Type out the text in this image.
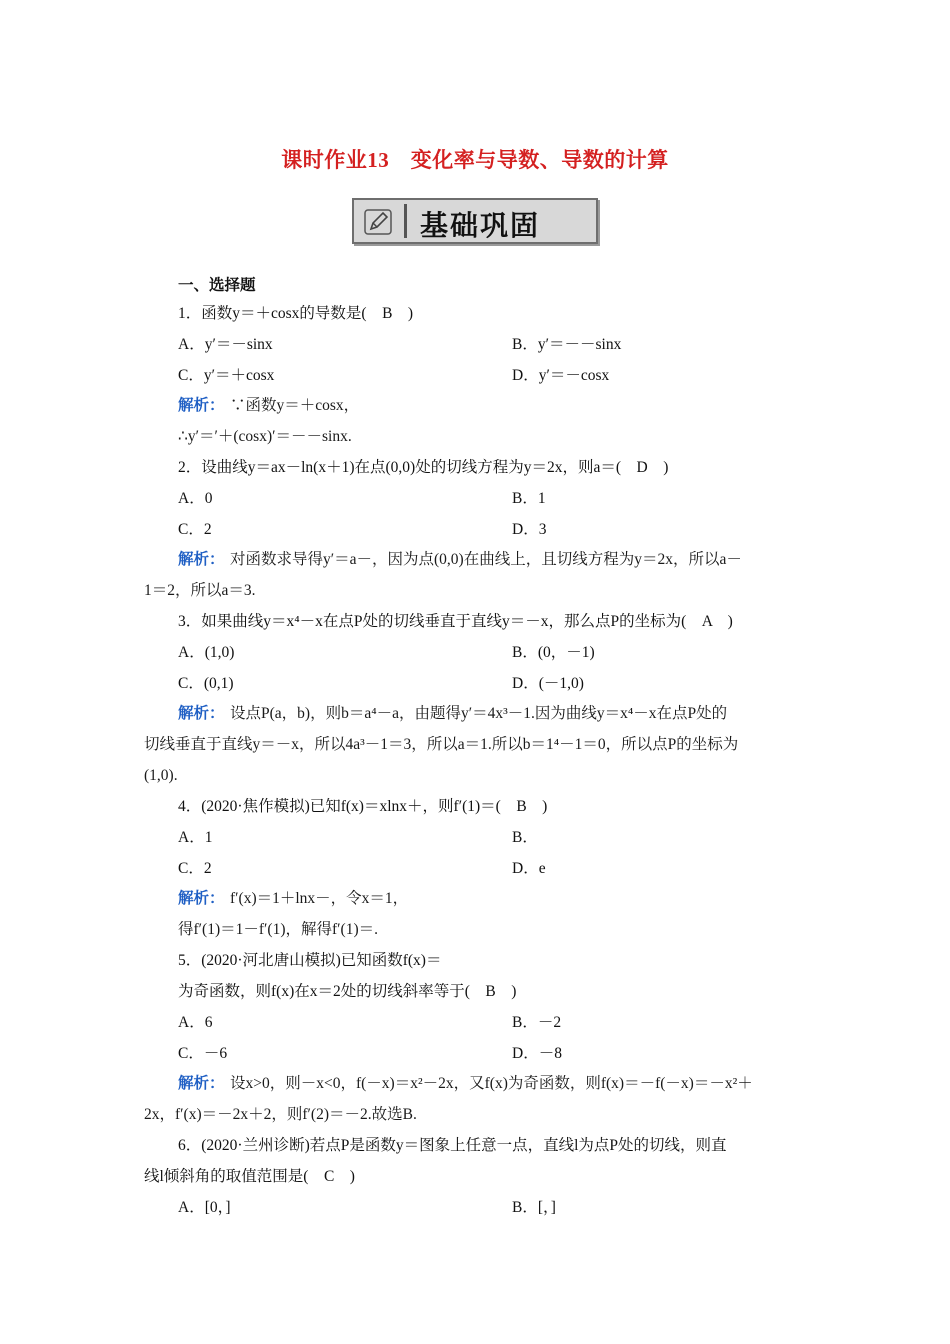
课时作业13　变化率与导数、导数的计算
基础巩固
一、选择题
1．函数y＝＋cosx的导数是(　B　)
A．y′＝－sinx	B．y′＝－－sinx
C．y′＝＋cosx	D．y′＝－cosx
解析： ∵函数y＝＋cosx，
∴y′＝′＋(cosx)′＝－－sinx.
2．设曲线y＝ax－ln(x＋1)在点(0,0)处的切线方程为y＝2x，则a＝(　D　)
A．0	B．1
C．2	D．3
解析： 对函数求导得y′＝a－，因为点(0,0)在曲线上，且切线方程为y＝2x，所以a－
1＝2，所以a＝3.
3．如果曲线y＝x⁴－x在点P处的切线垂直于直线y＝－x，那么点P的坐标为(　A　)
A．(1,0)	B．(0，－1)
C．(0,1)	D．(－1,0)
解析： 设点P(a，b)，则b＝a⁴－a，由题得y′＝4x³－1.因为曲线y＝x⁴－x在点P处的
切线垂直于直线y＝－x，所以4a³－1＝3，所以a＝1.所以b＝1⁴－1＝0，所以点P的坐标为
(1,0).
4．(2020·焦作模拟)已知f(x)＝xlnx＋，则f′(1)＝(　B　)
A．1	B．
C．2	D．e
解析： f′(x)＝1＋lnx－，令x＝1，
得f′(1)＝1－f′(1)，解得f′(1)＝.
5．(2020·河北唐山模拟)已知函数f(x)＝
为奇函数，则f(x)在x＝2处的切线斜率等于(　B　)
A．6	B．－2
C．－6	D．－8
解析： 设x>0，则－x<0，f(－x)＝x²－2x，又f(x)为奇函数，则f(x)＝－f(－x)＝－x²＋
2x，f′(x)＝－2x＋2，则f′(2)＝－2.故选B.
6．(2020·兰州诊断)若点P是函数y＝图象上任意一点，直线l为点P处的切线，则直
线l倾斜角的取值范围是(　C　)
A．[0，]	B．[，]
